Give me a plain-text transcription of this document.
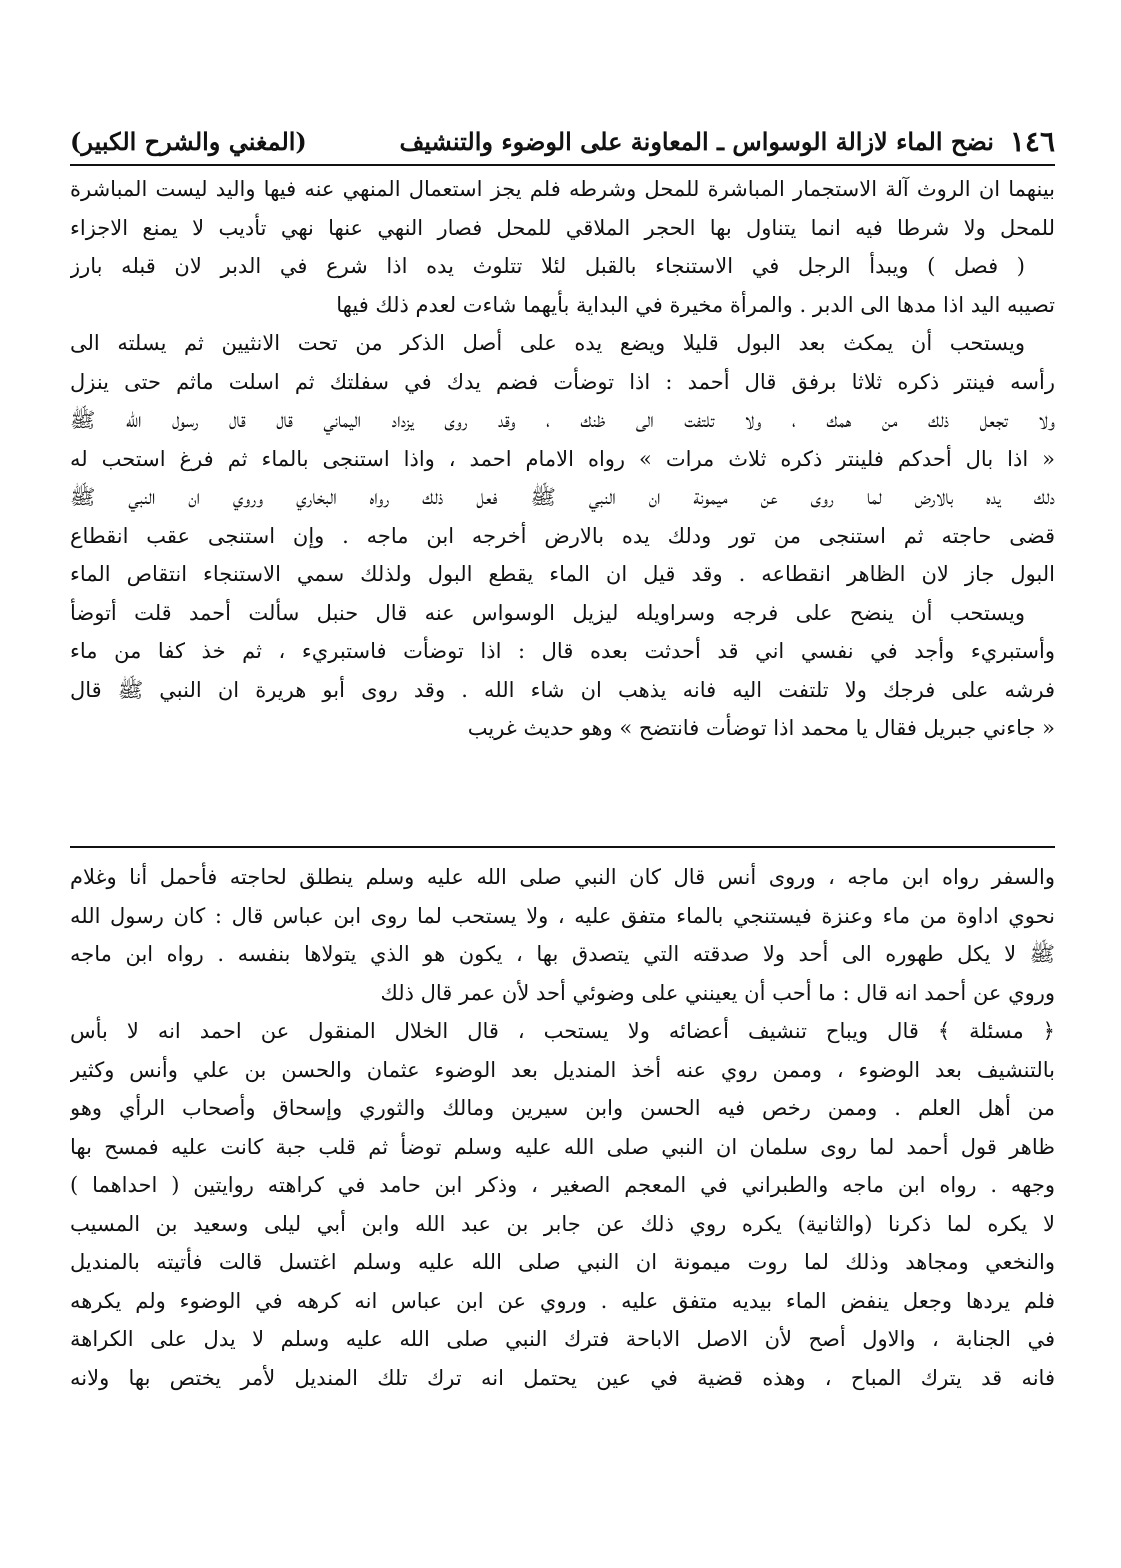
١٤٦
نضح الماء لازالة الوسواس ـ المعاونة على الوضوء والتنشيف
(المغني والشرح الكبير)
بينهما ان الروث آلة الاستجمار المباشرة للمحل وشرطه فلم يجز استعمال المنهي عنه فيها واليد ليست المباشرة
للمحل ولا شرطا فيه انما يتناول بها الحجر الملاقي للمحل فصار النهي عنها نهي تأديب لا يمنع الاجزاء
( فصل ) ويبدأ الرجل في الاستنجاء بالقبل لئلا تتلوث يده اذا شرع في الدبر لان قبله بارز
تصيبه اليد اذا مدها الى الدبر . والمرأة مخيرة في البداية بأيهما شاءت لعدم ذلك فيها
ويستحب أن يمكث بعد البول قليلا ويضع يده على أصل الذكر من تحت الانثيين ثم يسلته الى
رأسه فينتر ذكره ثلاثا برفق قال أحمد : اذا توضأت فضم يدك في سفلتك ثم اسلت ماثم حتى ينزل
ولا تجعل ذلك من همك ، ولا تلتفت الى ظنك ، وقد روى يزداد اليماني قال قال رسول الله ﷺ
« اذا بال أحدكم فلينتر ذكره ثلاث مرات » رواه الامام احمد ، واذا استنجى بالماء ثم فرغ استحب له
دلك يده بالارض لما روى عن ميمونة ان النبي ﷺ فعل ذلك رواه البخاري وروي ان النبي ﷺ
قضى حاجته ثم استنجى من تور ودلك يده بالارض أخرجه ابن ماجه . وإن استنجى عقب انقطاع
البول جاز لان الظاهر انقطاعه . وقد قيل ان الماء يقطع البول ولذلك سمي الاستنجاء انتقاص الماء
ويستحب أن ينضح على فرجه وسراويله ليزيل الوسواس عنه قال حنبل سألت أحمد قلت أتوضأ
وأستبريء وأجد في نفسي اني قد أحدثت بعده قال : اذا توضأت فاستبريء ، ثم خذ كفا من ماء
فرشه على فرجك ولا تلتفت اليه فانه يذهب ان شاء الله . وقد روى أبو هريرة ان النبي ﷺ قال
« جاءني جبريل فقال يا محمد اذا توضأت فانتضح » وهو حديث غريب
والسفر رواه ابن ماجه ، وروى أنس قال كان النبي صلى الله عليه وسلم ينطلق لحاجته فأحمل أنا وغلام
نحوي اداوة من ماء وعنزة فيستنجي بالماء متفق عليه ، ولا يستحب لما روى ابن عباس قال : كان رسول الله
ﷺ لا يكل طهوره الى أحد ولا صدقته التي يتصدق بها ، يكون هو الذي يتولاها بنفسه . رواه ابن ماجه
وروي عن أحمد انه قال : ما أحب أن يعينني على وضوئي أحد لأن عمر قال ذلك
﴿ مسئلة ﴾ قال ويباح تنشيف أعضائه ولا يستحب ، قال الخلال المنقول عن احمد انه لا بأس
بالتنشيف بعد الوضوء ، وممن روي عنه أخذ المنديل بعد الوضوء عثمان والحسن بن علي وأنس وكثير
من أهل العلم . وممن رخص فيه الحسن وابن سيرين ومالك والثوري وإسحاق وأصحاب الرأي وهو
ظاهر قول أحمد لما روى سلمان ان النبي صلى الله عليه وسلم توضأ ثم قلب جبة كانت عليه فمسح بها
وجهه . رواه ابن ماجه والطبراني في المعجم الصغير ، وذكر ابن حامد في كراهته روايتين ( احداهما )
لا يكره لما ذكرنا (والثانية) يكره روي ذلك عن جابر بن عبد الله وابن أبي ليلى وسعيد بن المسيب
والنخعي ومجاهد وذلك لما روت ميمونة ان النبي صلى الله عليه وسلم اغتسل قالت فأتيته بالمنديل
فلم يردها وجعل ينفض الماء بيديه متفق عليه . وروي عن ابن عباس انه كرهه في الوضوء ولم يكرهه
في الجنابة ، والاول أصح لأن الاصل الاباحة فترك النبي صلى الله عليه وسلم لا يدل على الكراهة
فانه قد يترك المباح ، وهذه قضية في عين يحتمل انه ترك تلك المنديل لأمر يختص بها ولانه
